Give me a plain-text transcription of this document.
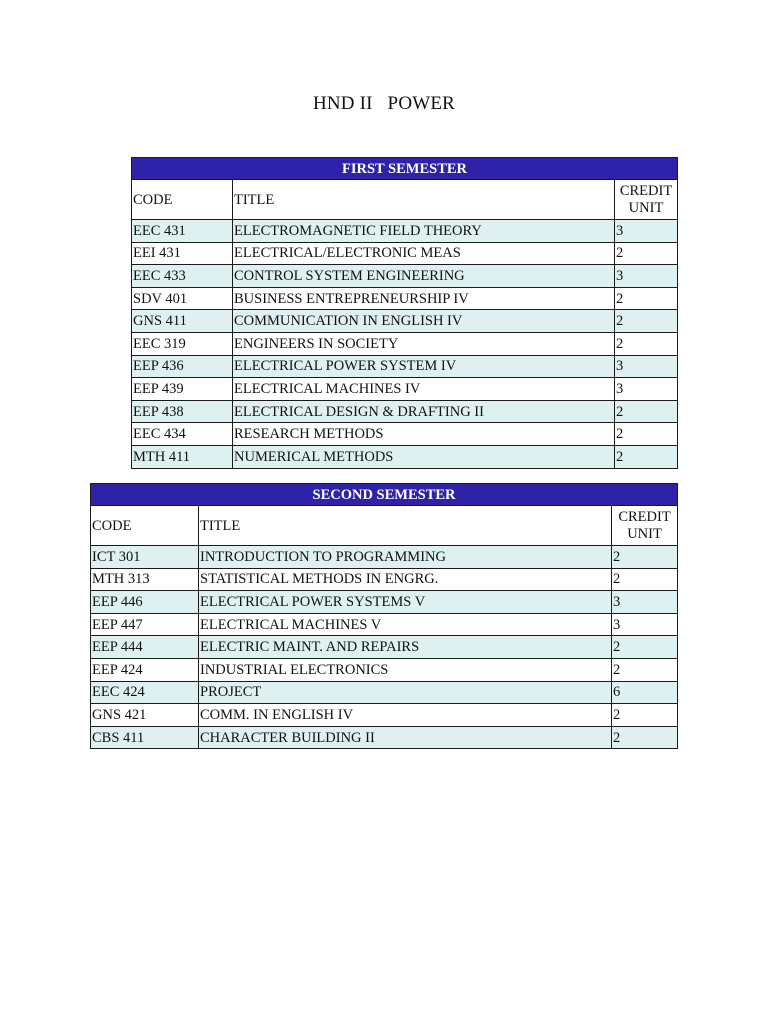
HND II   POWER
FIRST SEMESTER		
CODE	TITLE	CREDIT
UNIT
EEC 431	ELECTROMAGNETIC FIELD THEORY	3
EEI 431	ELECTRICAL/ELECTRONIC MEAS	2
EEC 433	CONTROL SYSTEM ENGINEERING	3
SDV 401	BUSINESS ENTREPRENEURSHIP IV	2
GNS 411	COMMUNICATION IN ENGLISH IV	2
EEC 319	ENGINEERS IN SOCIETY	2
EEP 436	ELECTRICAL POWER SYSTEM IV	3
EEP 439	ELECTRICAL MACHINES IV	3
EEP 438	ELECTRICAL DESIGN & DRAFTING II	2
EEC 434	RESEARCH METHODS	2
MTH 411	NUMERICAL METHODS	2
SECOND SEMESTER		
CODE	TITLE	CREDIT
UNIT
ICT 301	INTRODUCTION TO PROGRAMMING	2
MTH 313	STATISTICAL METHODS IN ENGRG.	2
EEP 446	ELECTRICAL POWER SYSTEMS V	3
EEP 447	ELECTRICAL MACHINES V	3
EEP 444	ELECTRIC MAINT. AND REPAIRS	2
EEP 424	INDUSTRIAL ELECTRONICS	2
EEC 424	PROJECT	6
GNS 421	COMM. IN ENGLISH IV	2
CBS 411	CHARACTER BUILDING II	2
